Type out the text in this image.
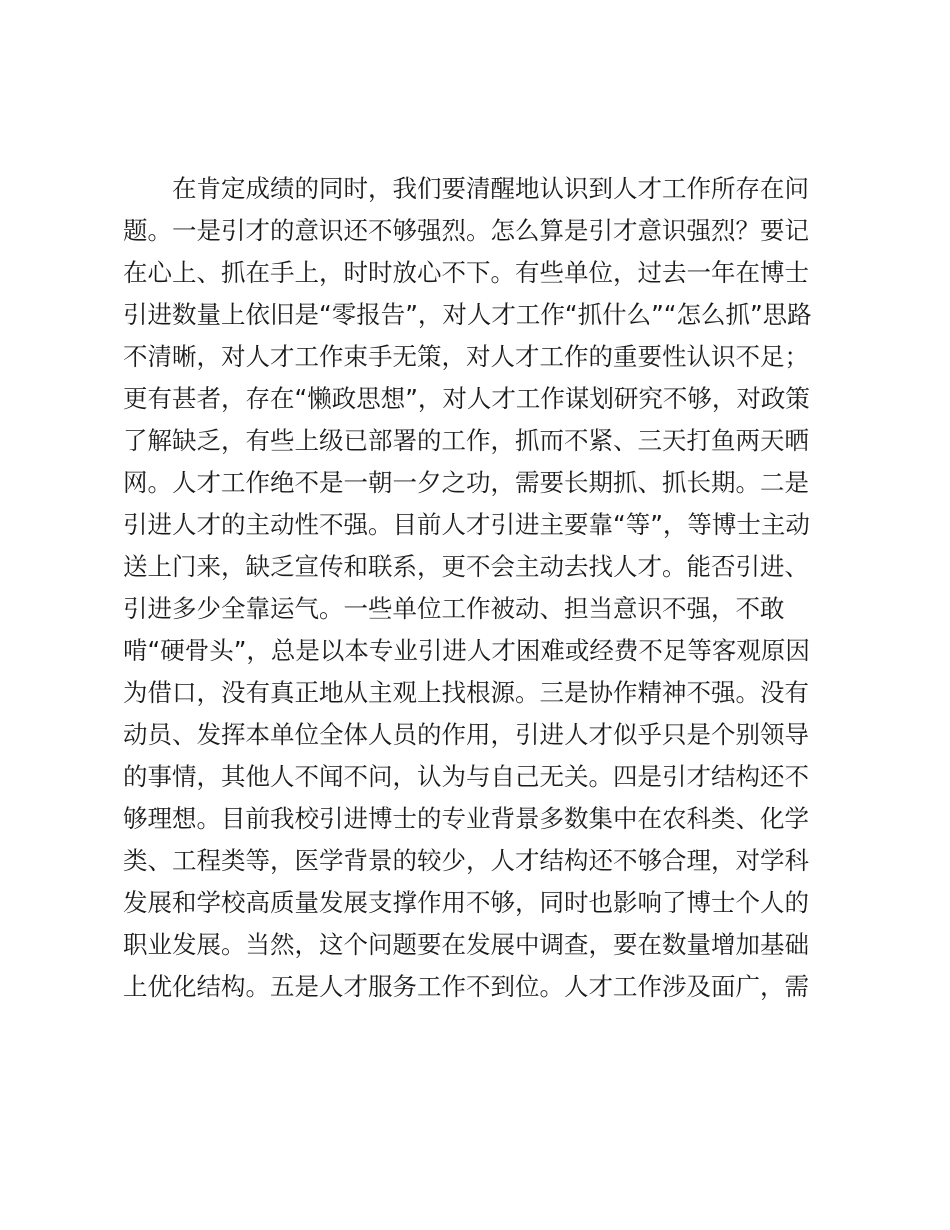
　　在肯定成绩的同时，我们要清醒地认识到人才工作所存在问
题。一是引才的意识还不够强烈。怎么算是引才意识强烈？要记
在心上、抓在手上，时时放心不下。有些单位，过去一年在博士
引进数量上依旧是“零报告”，对人才工作“抓什么”“怎么抓”思路
不清晰，对人才工作束手无策，对人才工作的重要性认识不足；
更有甚者，存在“懒政思想”，对人才工作谋划研究不够，对政策
了解缺乏，有些上级已部署的工作，抓而不紧、三天打鱼两天晒
网。人才工作绝不是一朝一夕之功，需要长期抓、抓长期。二是
引进人才的主动性不强。目前人才引进主要靠“等”，等博士主动
送上门来，缺乏宣传和联系，更不会主动去找人才。能否引进、
引进多少全靠运气。一些单位工作被动、担当意识不强，不敢
啃“硬骨头”，总是以本专业引进人才困难或经费不足等客观原因
为借口，没有真正地从主观上找根源。三是协作精神不强。没有
动员、发挥本单位全体人员的作用，引进人才似乎只是个别领导
的事情，其他人不闻不问，认为与自己无关。四是引才结构还不
够理想。目前我校引进博士的专业背景多数集中在农科类、化学
类、工程类等，医学背景的较少，人才结构还不够合理，对学科
发展和学校高质量发展支撑作用不够，同时也影响了博士个人的
职业发展。当然，这个问题要在发展中调查，要在数量增加基础
上优化结构。五是人才服务工作不到位。人才工作涉及面广，需
